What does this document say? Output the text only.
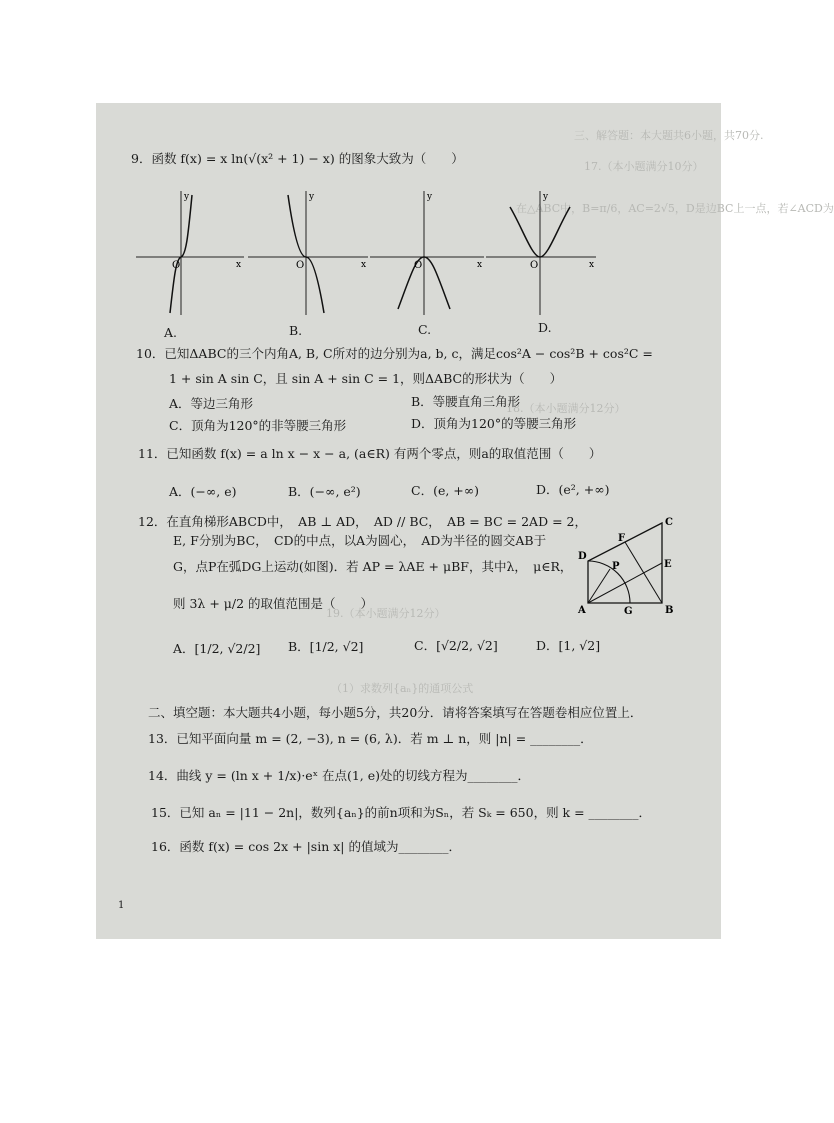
三、解答题：本大题共6小题，共70分.
17.（本小题满分10分）
在△ABC中，B=π/6，AC=2√5，D是边BC上一点，若∠ACD为
18.（本小题满分12分）
19.（本小题满分12分）
（1）求数列{aₙ}的通项公式
9．函数 f(x) = x ln(√(x² + 1) − x) 的图象大致为（　　）
O	x
y
O	x
y
O	x
y
O	x
y
A.	B.	C.	D.
10．已知ΔABC的三个内角A, B, C所对的边分别为a, b, c，满足cos²A − cos²B + cos²C =
1 + sin A sin C，且 sin A + sin C = 1，则ΔABC的形状为（　　）
A．等边三角形	B．等腰直角三角形
C．顶角为120°的非等腰三角形	D．顶角为120°的等腰三角形
11．已知函数 f(x) = a ln x − x − a, (a∈R) 有两个零点，则a的取值范围（　　）
A．(−∞, e)	B．(−∞, e²)	C．(e, +∞)	D．(e², +∞)
12．在直角梯形ABCD中，　AB ⊥ AD，　AD // BC，　AB = BC = 2AD = 2，
E, F分别为BC，　CD的中点，以A为圆心，　AD为半径的圆交AB于
G，点P在弧DG上运动(如图)．若 AP = λAE + μBF，其中λ，　μ∈R，
则 3λ + μ/2 的取值范围是（　　）
A．[1/2, √2/2] B．[1/2, √2]	C．[√2/2, √2]	D．[1, √2]
A	G	B
C
D
F
E
P
二、填空题：本大题共4小题，每小题5分，共20分．请将答案填写在答题卷相应位置上．
13．已知平面向量 m = (2, −3), n = (6, λ)．若 m ⊥ n，则 |n| = ________．
14．曲线 y = (ln x + 1/x)·eˣ 在点(1, e)处的切线方程为________．
15．已知 aₙ = |11 − 2n|，数列{aₙ}的前n项和为Sₙ，若 Sₖ = 650，则 k = ________．
16．函数 f(x) = cos 2x + |sin x| 的值域为________．
1
